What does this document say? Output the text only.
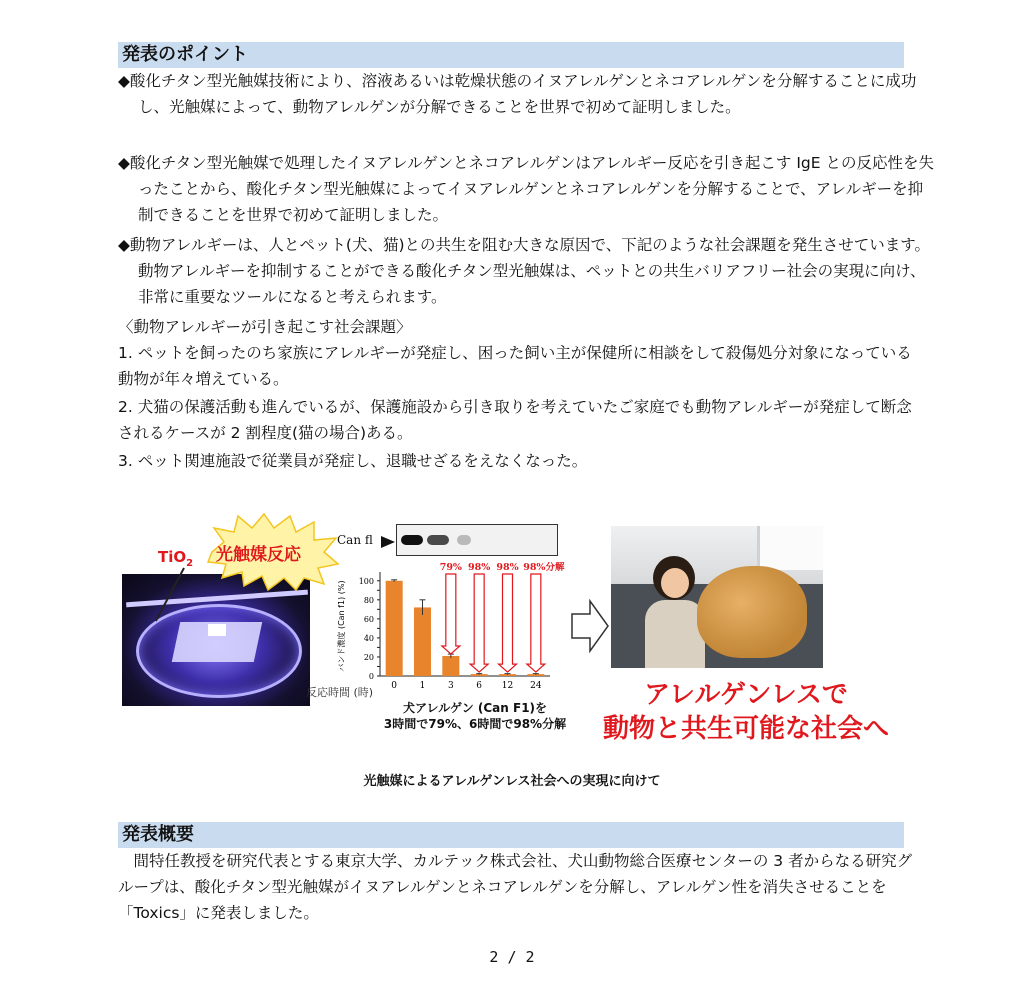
発表のポイント

◆酸化チタン型光触媒技術により、溶液あるいは乾燥状態のイヌアレルゲンとネコアレルゲンを分解することに成功し、光触媒によって、動物アレルゲンが分解できることを世界で初めて証明しました。

◆酸化チタン型光触媒で処理したイヌアレルゲンとネコアレルゲンはアレルギー反応を引き起こす IgE との反応性を失ったことから、酸化チタン型光触媒によってイヌアレルゲンとネコアレルゲンを分解することで、アレルギーを抑制できることを世界で初めて証明しました。

◆動物アレルギーは、人とペット(犬、猫)との共生を阻む大きな原因で、下記のような社会課題を発生させています。動物アレルギーを抑制することができる酸化チタン型光触媒は、ペットとの共生バリアフリー社会の実現に向け、非常に重要なツールになると考えられます。

〈動物アレルギーが引き起こす社会課題〉

1. ペットを飼ったのち家族にアレルギーが発症し、困った飼い主が保健所に相談をして殺傷処分対象になっている動物が年々増えている。

2. 犬猫の保護活動も進んでいるが、保護施設から引き取りを考えていたご家庭でも動物アレルギーが発症して断念されるケースが 2 割程度(猫の場合)ある。

3. ペット関連施設で従業員が発症し、退職せざるをえなくなった。

TiO$_2$ 光触媒反応
Can fl
0
20
40
60
80
100
バンド濃度 (Can f1) (%)
0	1	3
79%
6
98%
12
98%
24
98%分解
反応時間 (時)
犬アレルゲン (Can F1)を
3時間で79%、6時間で98%分解
アレルゲンレスで
動物と共生可能な社会へ
光触媒によるアレルゲンレス社会への実現に向けて
発表概要

間特任教授を研究代表とする東京大学、カルテック株式会社、犬山動物総合医療センターの 3 者からなる研究グループは、酸化チタン型光触媒がイヌアレルゲンとネコアレルゲンを分解し、アレルゲン性を消失させることを「Toxics」に発表しました。

2 / 2
